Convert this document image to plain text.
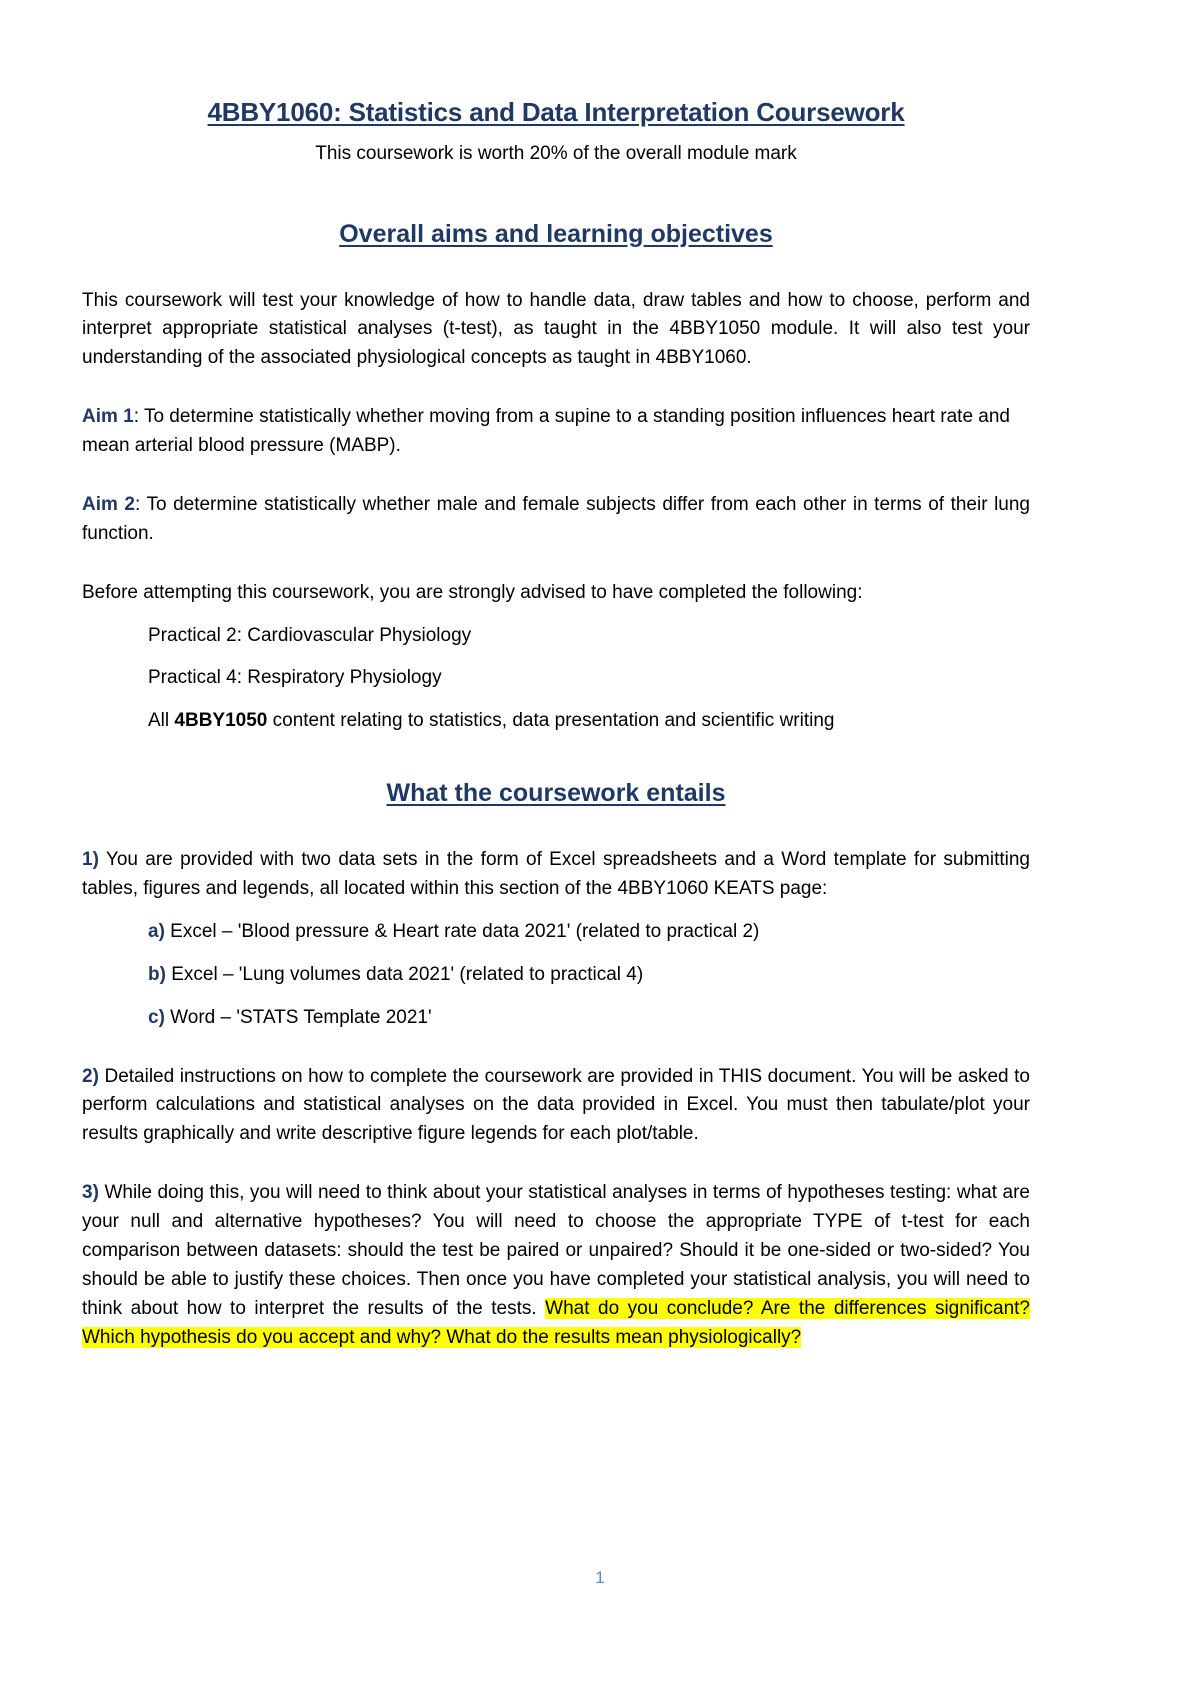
4BBY1060: Statistics and Data Interpretation Coursework

This coursework is worth 20% of the overall module mark

Overall aims and learning objectives

This coursework will test your knowledge of how to handle data, draw tables and how to choose, perform and interpret appropriate statistical analyses (t-test), as taught in the 4BBY1050 module. It will also test your understanding of the associated physiological concepts as taught in 4BBY1060.

Aim 1: To determine statistically whether moving from a supine to a standing position influences heart rate and mean arterial blood pressure (MABP).

Aim 2: To determine statistically whether male and female subjects differ from each other in terms of their lung function.

Before attempting this coursework, you are strongly advised to have completed the following:

Practical 2: Cardiovascular Physiology

Practical 4: Respiratory Physiology

All 4BBY1050 content relating to statistics, data presentation and scientific writing

What the coursework entails

1) You are provided with two data sets in the form of Excel spreadsheets and a Word template for submitting tables, figures and legends, all located within this section of the 4BBY1060 KEATS page:

a) Excel – 'Blood pressure & Heart rate data 2021' (related to practical 2)

b) Excel – 'Lung volumes data 2021' (related to practical 4)

c) Word – 'STATS Template 2021'

2) Detailed instructions on how to complete the coursework are provided in THIS document. You will be asked to perform calculations and statistical analyses on the data provided in Excel. You must then tabulate/plot your results graphically and write descriptive figure legends for each plot/table.

3) While doing this, you will need to think about your statistical analyses in terms of hypotheses testing: what are your null and alternative hypotheses? You will need to choose the appropriate TYPE of t-test for each comparison between datasets: should the test be paired or unpaired? Should it be one-sided or two-sided? You should be able to justify these choices. Then once you have completed your statistical analysis, you will need to think about how to interpret the results of the tests. What do you conclude? Are the differences significant? Which hypothesis do you accept and why? What do the results mean physiologically?

1
